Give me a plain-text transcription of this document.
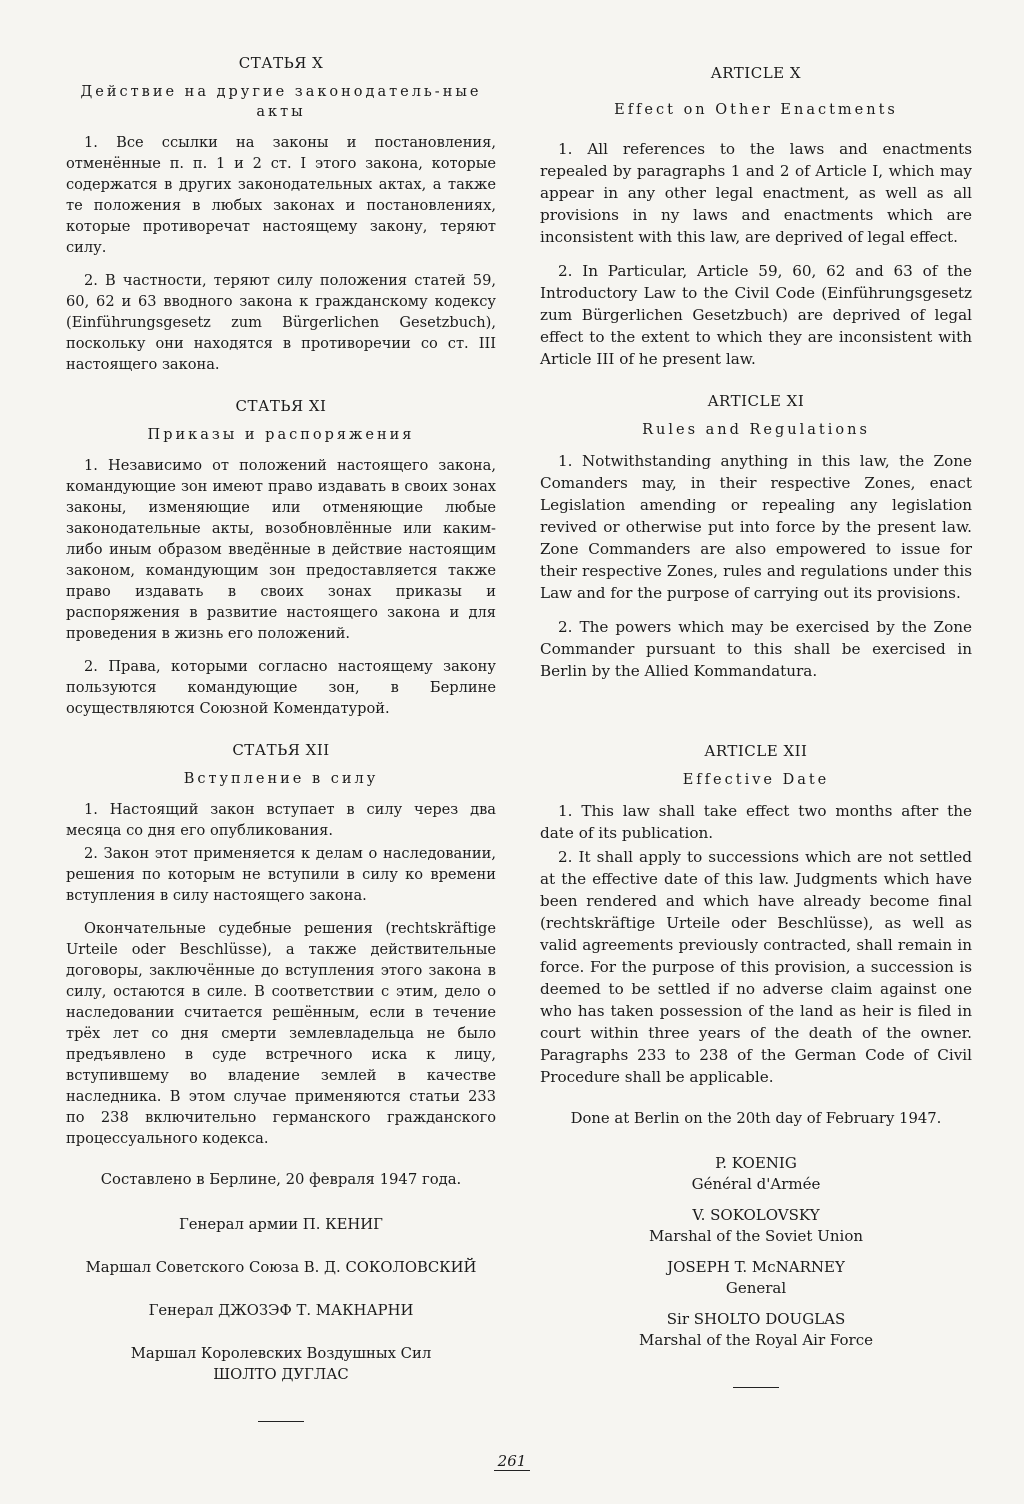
СТАТЬЯ X
Действие на другие законодатель-ные акты

1. Все ссылки на законы и постановления, отменённые п. п. 1 и 2 ст. I этого закона, которые содержатся в других законодательных актах, а также те положения в любых законах и постановлениях, которые противоречат настоящему закону, теряют силу.

2. В частности, теряют силу положения статей 59, 60, 62 и 63 вводного закона к гражданскому кодексу (Einführungsgesetz zum Bürgerlichen Gesetzbuch), поскольку они находятся в противоречии со ст. III настоящего закона.

СТАТЬЯ XI
Приказы и распоряжения

1. Независимо от положений настоящего закона, командующие зон имеют право издавать в своих зонах законы, изменяющие или отменяющие любые законодательные акты, возобновлённые или каким-либо иным образом введённые в действие настоящим законом, командующим зон предоставляется также право издавать в своих зонах приказы и распоряжения в развитие настоящего закона и для проведения в жизнь его положений.

2. Права, которыми согласно настоящему закону пользуются командующие зон, в Берлине осуществляются Союзной Комендатурой.

СТАТЬЯ XII
Вступление в силу

1. Настоящий закон вступает в силу через два месяца со дня его опубликования.

2. Закон этот применяется к делам о наследовании, решения по которым не вступили в силу ко времени вступления в силу настоящего закона.

Окончательные судебные решения (rechtskräftige Urteile oder Beschlüsse), а также действительные договоры, заключённые до вступления этого закона в силу, остаются в силе. В соответствии с этим, дело о наследовании считается решённым, если в течение трёх лет со дня смерти землевладельца не было предъявлено в суде встречного иска к лицу, вступившему во владение землей в качестве наследника. В этом случае применяются статьи 233 по 238 включительно германского гражданского процессуального кодекса.

Составлено в Берлине, 20 февраля 1947 года.
Генерал армии П. КЕНИГ
Маршал Советского Союза В. Д. СОКОЛОВСКИЙ
Генерал ДЖОЗЭФ Т. МАКНАРНИ
Маршал Королевских Воздушных Сил
ШОЛТО ДУГЛАС
ARTICLE X
Effect on Other Enactments

1. All references to the laws and enactments repealed by paragraphs 1 and 2 of Article I, which may appear in any other legal enactment, as well as all provisions in ny laws and enactments which are inconsistent with this law, are deprived of legal effect.

2. In Particular, Article 59, 60, 62 and 63 of the Introductory Law to the Civil Code (Einführungsgesetz zum Bürgerlichen Gesetzbuch) are deprived of legal effect to the extent to which they are inconsistent with Article III of he present law.

ARTICLE XI
Rules and Regulations

1. Notwithstanding anything in this law, the Zone Comanders may, in their respective Zones, enact Legislation amending or repealing any legislation revived or otherwise put into force by the present law. Zone Commanders are also empowered to issue for their respective Zones, rules and regulations under this Law and for the purpose of carrying out its provisions.

2. The powers which may be exercised by the Zone Commander pursuant to this shall be exercised in Berlin by the Allied Kommandatura.

ARTICLE XII
Effective Date

1. This law shall take effect two months after the date of its publication.

2. It shall apply to successions which are not settled at the effective date of this law. Judgments which have been rendered and which have already become final (rechtskräftige Urteile oder Beschlüsse), as well as valid agreements previously contracted, shall remain in force. For the purpose of this provision, a succession is deemed to be settled if no adverse claim against one who has taken possession of the land as heir is filed in court within three years of the death of the owner. Paragraphs 233 to 238 of the German Code of Civil Procedure shall be applicable.

Done at Berlin on the 20th day of February 1947.
P. KOENIG
Général d'Armée
V. SOKOLOVSKY
Marshal of the Soviet Union
JOSEPH T. McNARNEY
General
Sir SHOLTO DOUGLAS
Marshal of the Royal Air Force
261
